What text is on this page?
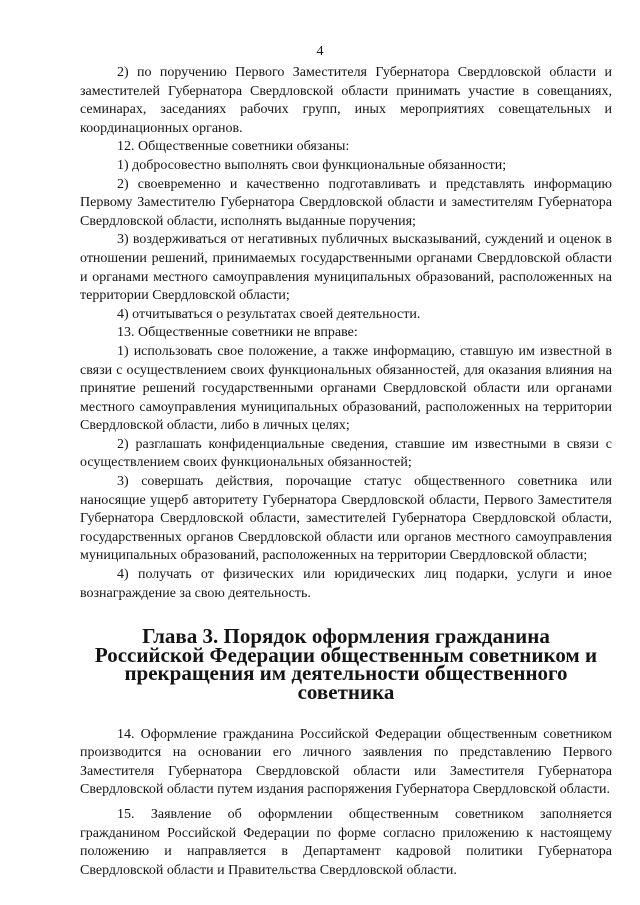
4

2) по поручению Первого Заместителя Губернатора Свердловской области и заместителей Губернатора Свердловской области принимать участие в совещаниях, семинарах, заседаниях рабочих групп, иных мероприятиях совещательных и координационных органов.

12. Общественные советники обязаны:

1) добросовестно выполнять свои функциональные обязанности;

2) своевременно и качественно подготавливать и представлять информацию Первому Заместителю Губернатора Свердловской области и заместителям Губернатора Свердловской области, исполнять выданные поручения;

3) воздерживаться от негативных публичных высказываний, суждений и оценок в отношении решений, принимаемых государственными органами Свердловской области и органами местного самоуправления муниципальных образований, расположенных на территории Свердловской области;

4) отчитываться о результатах своей деятельности.

13. Общественные советники не вправе:

1) использовать свое положение, а также информацию, ставшую им известной в связи с осуществлением своих функциональных обязанностей, для оказания влияния на принятие решений государственными органами Свердловской области или органами местного самоуправления муниципальных образований, расположенных на территории Свердловской области, либо в личных целях;

2) разглашать конфиденциальные сведения, ставшие им известными в связи с осуществлением своих функциональных обязанностей;

3) совершать действия, порочащие статус общественного советника или наносящие ущерб авторитету Губернатора Свердловской области, Первого Заместителя Губернатора Свердловской области, заместителей Губернатора Свердловской области, государственных органов Свердловской области или органов местного самоуправления муниципальных образований, расположенных на территории Свердловской области;

4) получать от физических или юридических лиц подарки, услуги и иное вознаграждение за свою деятельность.

Глава 3. Порядок оформления гражданина Российской Федерации общественным советником и прекращения им деятельности общественного советника

14. Оформление гражданина Российской Федерации общественным советником производится на основании его личного заявления по представлению Первого Заместителя Губернатора Свердловской области или Заместителя Губернатора Свердловской области путем издания распоряжения Губернатора Свердловской области.

15. Заявление об оформлении общественным советником заполняется гражданином Российской Федерации по форме согласно приложению к настоящему положению и направляется в Департамент кадровой политики Губернатора Свердловской области и Правительства Свердловской области.
